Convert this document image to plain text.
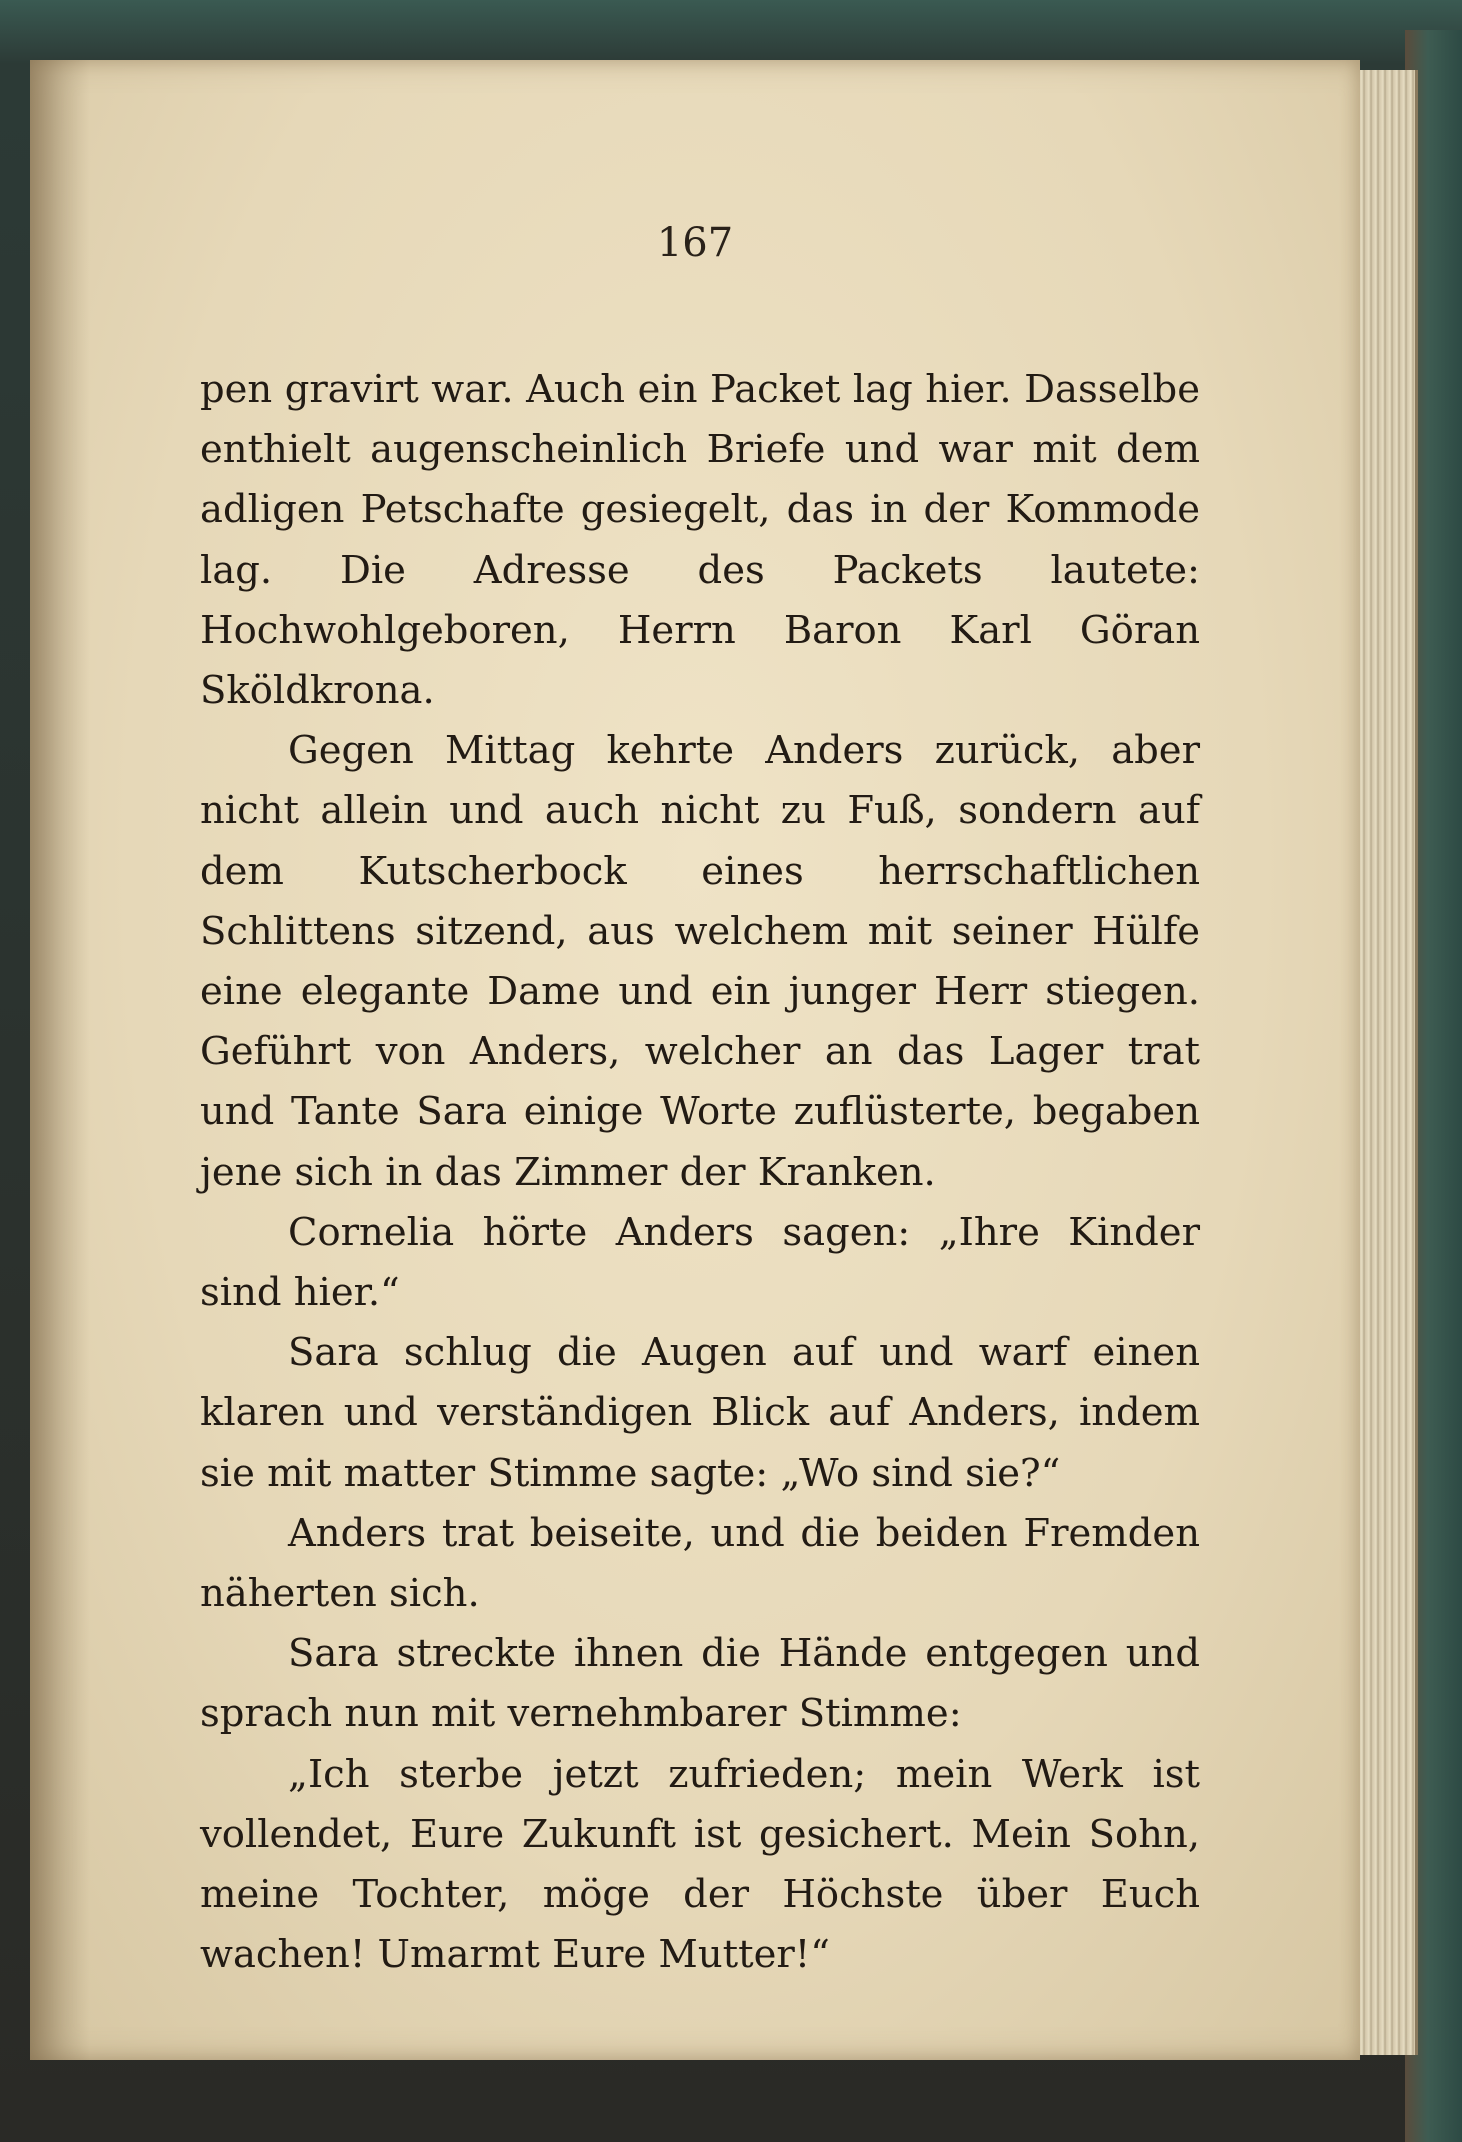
167

pen gravirt war. Auch ein Packet lag hier. Dasselbe enthielt augenscheinlich Briefe und war mit dem adligen Petschafte gesiegelt, das in der Kommode lag. Die Adresse des Packets lautete: Hochwohlgeboren, Herrn Baron Karl Göran Sköldkrona.

Gegen Mittag kehrte Anders zurück, aber nicht allein und auch nicht zu Fuß, sondern auf dem Kutscherbock eines herrschaftlichen Schlittens sitzend, aus welchem mit seiner Hülfe eine elegante Dame und ein junger Herr stiegen. Geführt von Anders, welcher an das Lager trat und Tante Sara einige Worte zuflüsterte, begaben jene sich in das Zimmer der Kranken.

Cornelia hörte Anders sagen: „Ihre Kinder sind hier.“

Sara schlug die Augen auf und warf einen klaren und verständigen Blick auf Anders, indem sie mit matter Stimme sagte: „Wo sind sie?“

Anders trat beiseite, und die beiden Fremden näherten sich.

Sara streckte ihnen die Hände entgegen und sprach nun mit vernehmbarer Stimme:

„Ich sterbe jetzt zufrieden; mein Werk ist vollendet, Eure Zukunft ist gesichert. Mein Sohn, meine Tochter, möge der Höchste über Euch wachen! Umarmt Eure Mutter!“
